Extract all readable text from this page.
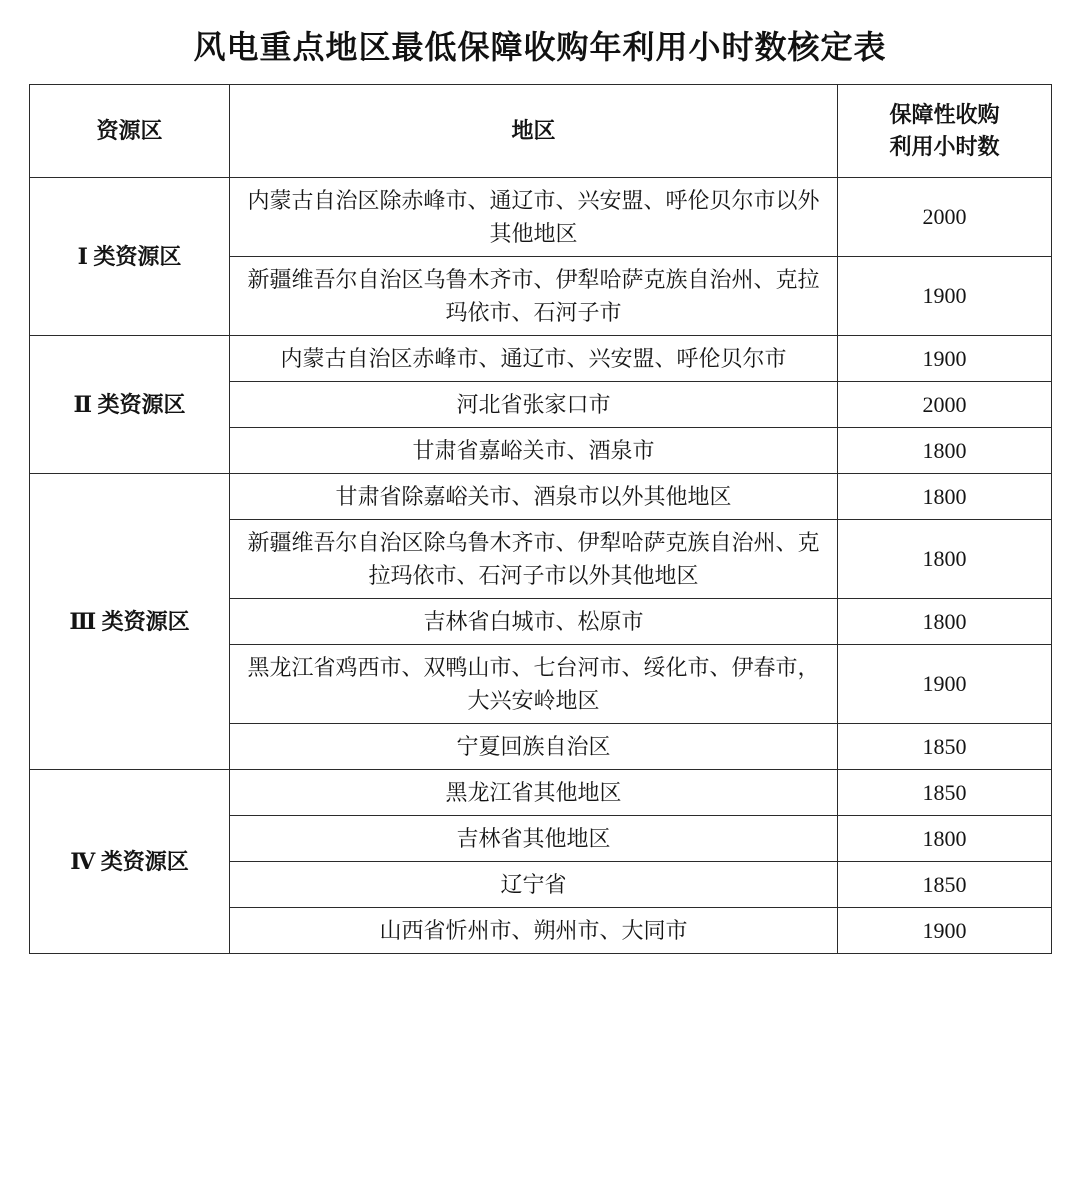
风电重点地区最低保障收购年利用小时数核定表
资源区	地区	保障性收购
利用小时数

Ⅰ 类资源区	内蒙古自治区除赤峰市、通辽市、兴安盟、呼伦贝尔市以外其他地区	2000
	新疆维吾尔自治区乌鲁木齐市、伊犁哈萨克族自治州、克拉玛依市、石河子市	1900
Ⅱ 类资源区	内蒙古自治区赤峰市、通辽市、兴安盟、呼伦贝尔市	1900
	河北省张家口市	2000
	甘肃省嘉峪关市、酒泉市	1800
Ⅲ 类资源区	甘肃省除嘉峪关市、酒泉市以外其他地区	1800
	新疆维吾尔自治区除乌鲁木齐市、伊犁哈萨克族自治州、克拉玛依市、石河子市以外其他地区	1800
	吉林省白城市、松原市	1800
	黑龙江省鸡西市、双鸭山市、七台河市、绥化市、伊春市，大兴安岭地区	1900
	宁夏回族自治区	1850
Ⅳ 类资源区	黑龙江省其他地区	1850
	吉林省其他地区	1800
	辽宁省	1850
	山西省忻州市、朔州市、大同市	1900
